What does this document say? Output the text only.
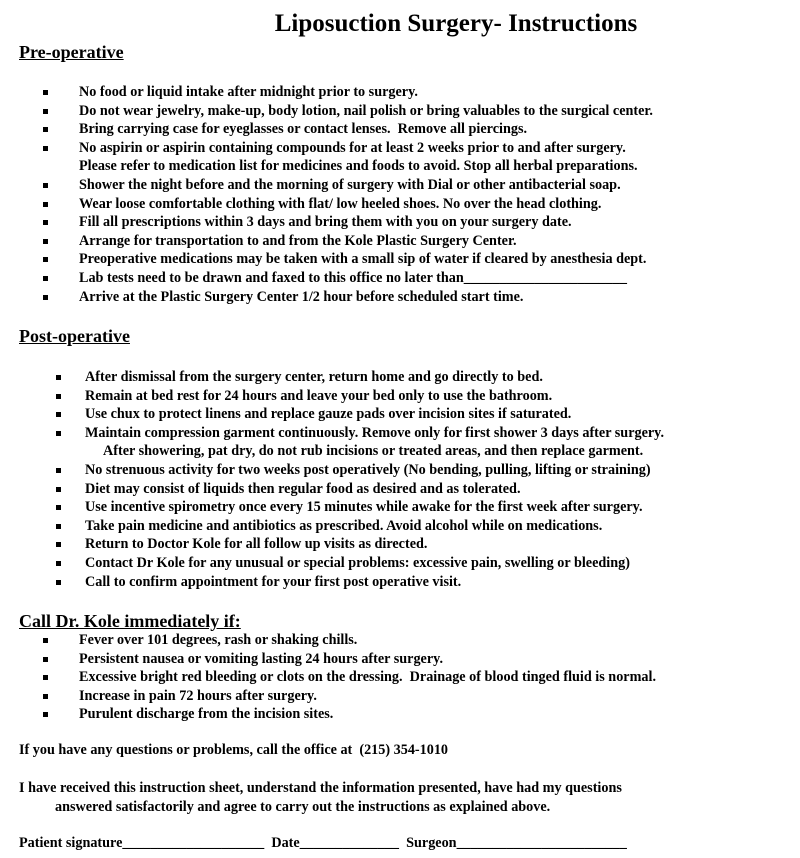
Liposuction Surgery- Instructions
Pre-operative
No food or liquid intake after midnight prior to surgery.
Do not wear jewelry, make-up, body lotion, nail polish or bring valuables to the surgical center.
Bring carrying case for eyeglasses or contact lenses.  Remove all piercings.
No aspirin or aspirin containing compounds for at least 2 weeks prior to and after surgery.
Please refer to medication list for medicines and foods to avoid. Stop all herbal preparations.
Shower the night before and the morning of surgery with Dial or other antibacterial soap.
Wear loose comfortable clothing with flat/ low heeled shoes. No over the head clothing.
Fill all prescriptions within 3 days and bring them with you on your surgery date.
Arrange for transportation to and from the Kole Plastic Surgery Center.
Preoperative medications may be taken with a small sip of water if cleared by anesthesia dept.
Lab tests need to be drawn and faxed to this office no later than_______________________
Arrive at the Plastic Surgery Center 1/2 hour before scheduled start time.
Post-operative
After dismissal from the surgery center, return home and go directly to bed.
Remain at bed rest for 24 hours and leave your bed only to use the bathroom.
Use chux to protect linens and replace gauze pads over incision sites if saturated.
Maintain compression garment continuously. Remove only for first shower 3 days after surgery.
After showering, pat dry, do not rub incisions or treated areas, and then replace garment.
No strenuous activity for two weeks post operatively (No bending, pulling, lifting or straining)
Diet may consist of liquids then regular food as desired and as tolerated.
Use incentive spirometry once every 15 minutes while awake for the first week after surgery.
Take pain medicine and antibiotics as prescribed. Avoid alcohol while on medications.
Return to Doctor Kole for all follow up visits as directed.
Contact Dr Kole for any unusual or special problems: excessive pain, swelling or bleeding)
Call to confirm appointment for your first post operative visit.
Call Dr. Kole immediately if:
Fever over 101 degrees, rash or shaking chills.
Persistent nausea or vomiting lasting 24 hours after surgery.
Excessive bright red bleeding or clots on the dressing.  Drainage of blood tinged fluid is normal.
Increase in pain 72 hours after surgery.
Purulent discharge from the incision sites.
If you have any questions or problems, call the office at  (215) 354-1010
I have received this instruction sheet, understand the information presented, have had my questions
answered satisfactorily and agree to carry out the instructions as explained above.
Patient signature____________________  Date______________  Surgeon________________________
